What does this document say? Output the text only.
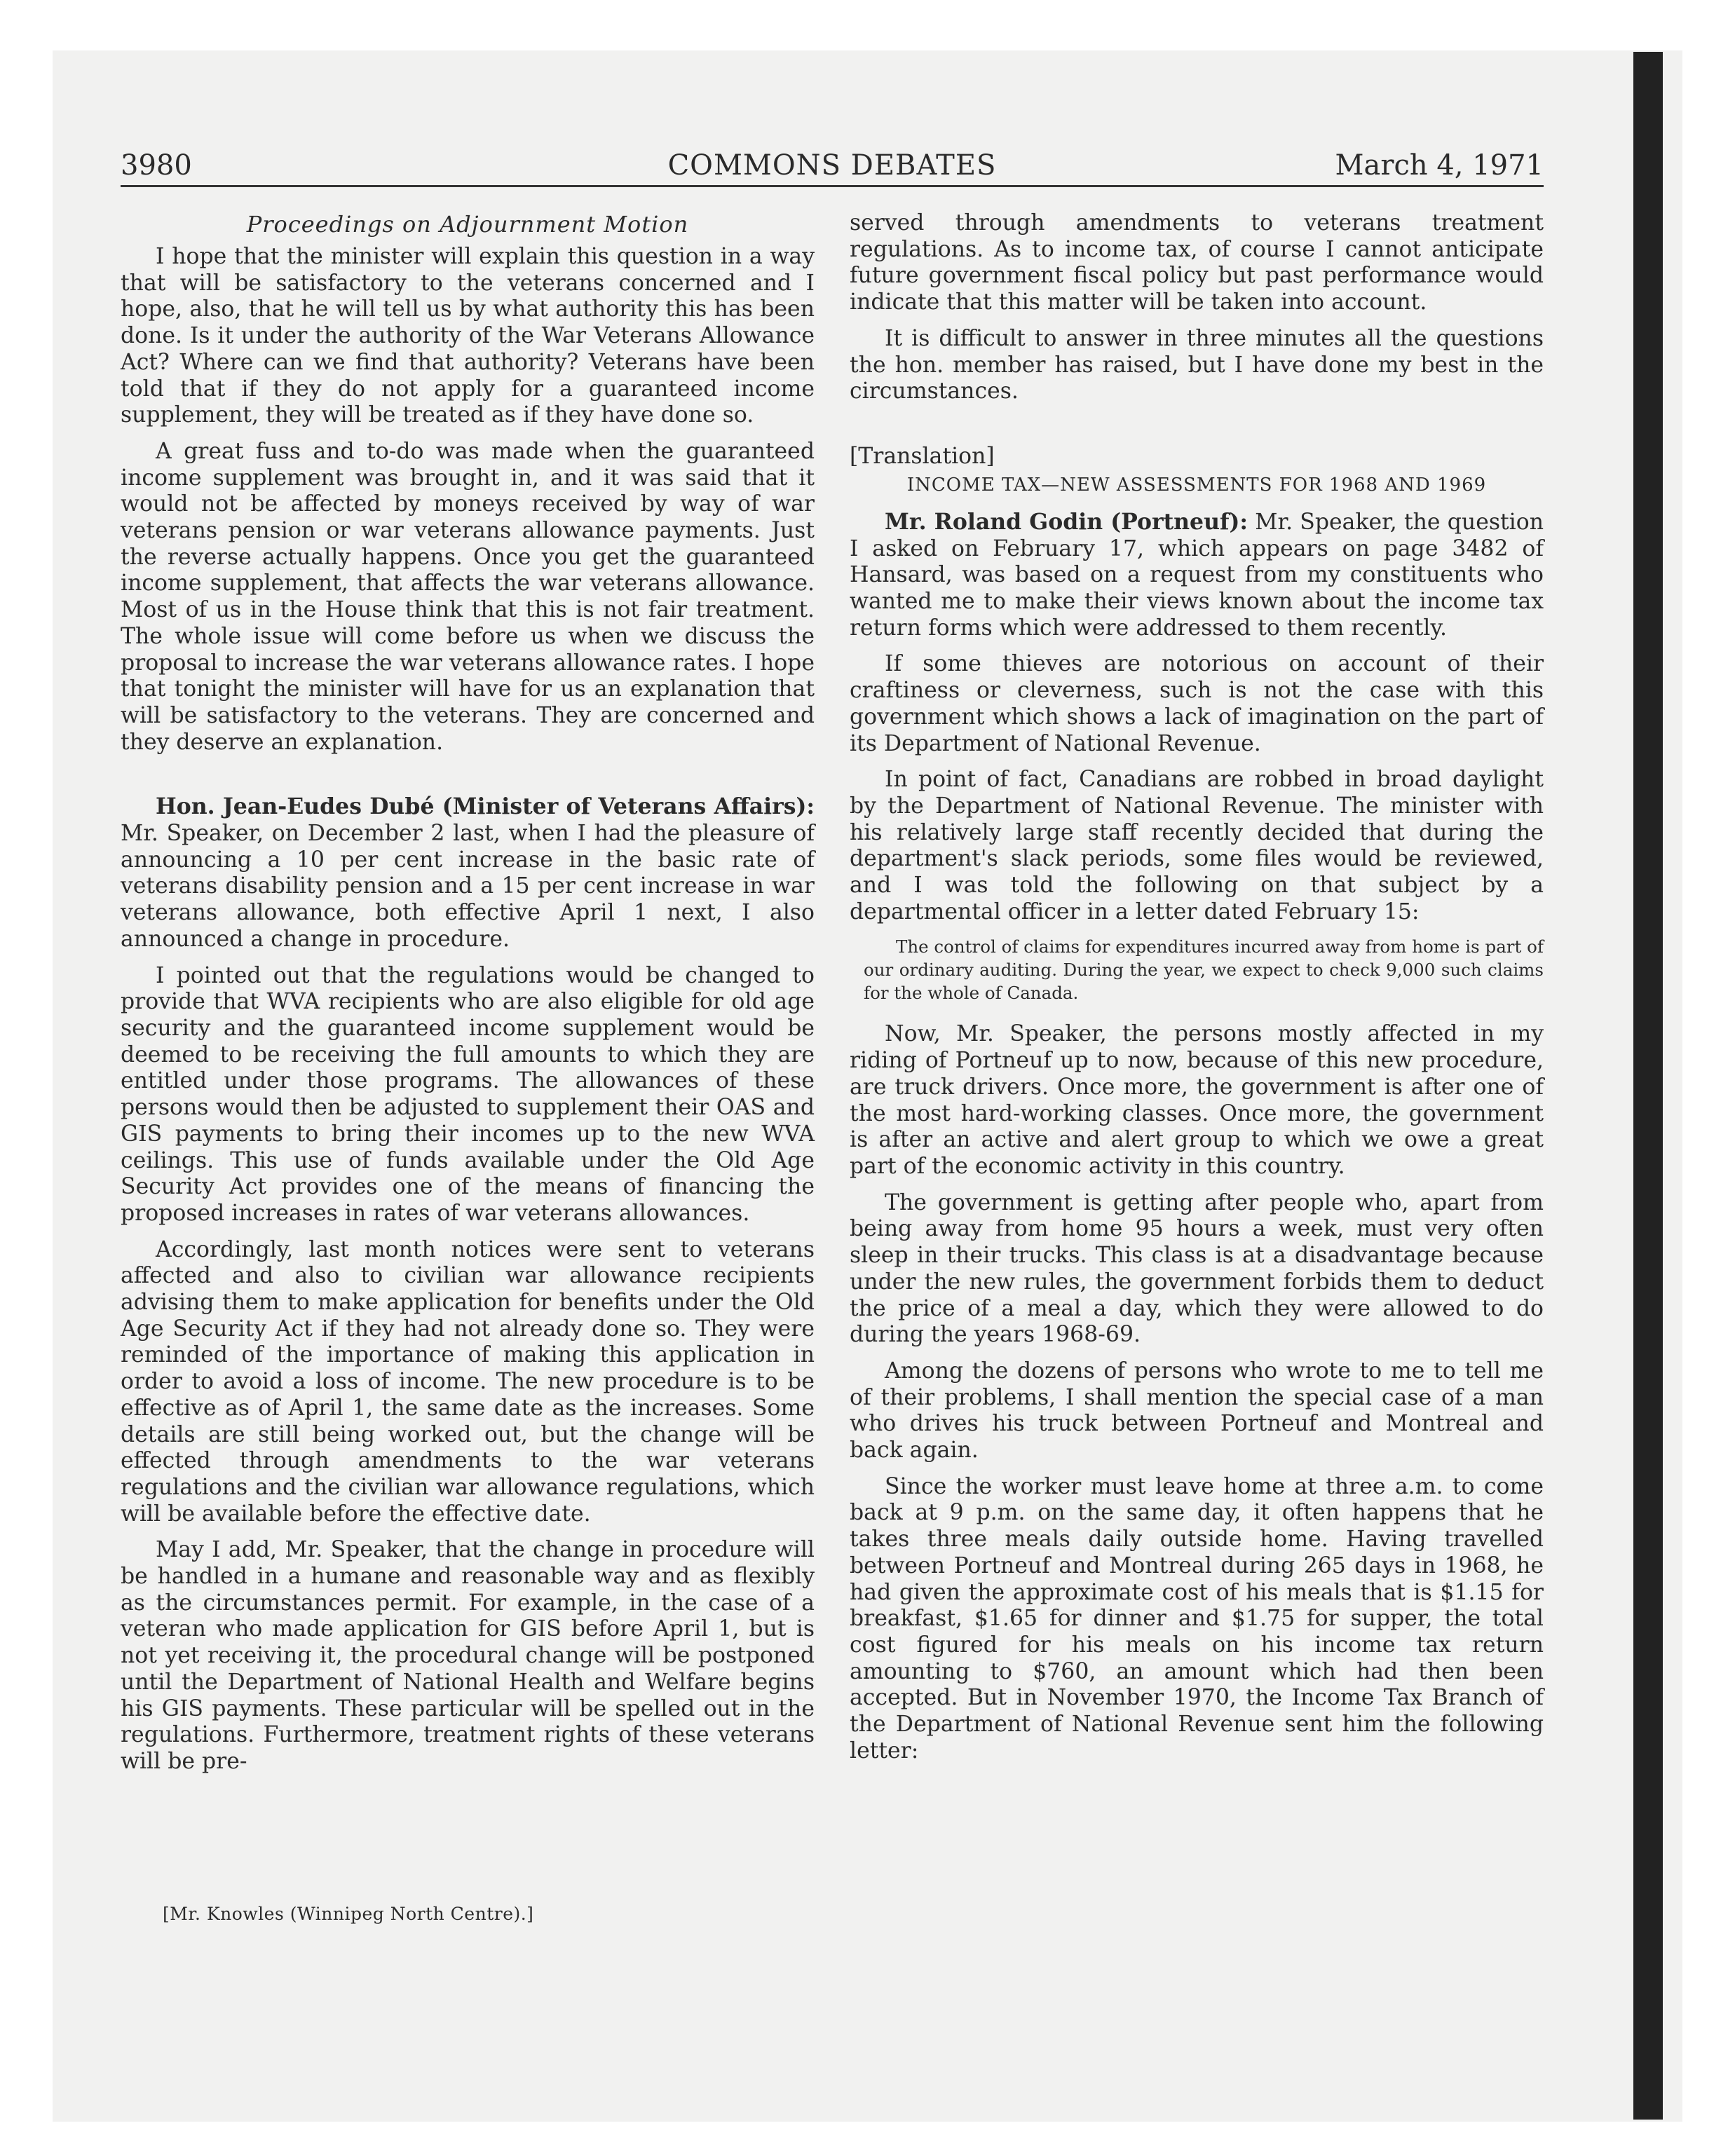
3980	COMMONS DEBATES	March 4, 1971
Proceedings on Adjournment Motion

I hope that the minister will explain this question in a way that will be satisfactory to the veterans concerned and I hope, also, that he will tell us by what authority this has been done. Is it under the authority of the War Veterans Allowance Act? Where can we find that authority? Veterans have been told that if they do not apply for a guaranteed income supplement, they will be treated as if they have done so.

A great fuss and to-do was made when the guaranteed income supplement was brought in, and it was said that it would not be affected by moneys received by way of war veterans pension or war veterans allowance payments. Just the reverse actually happens. Once you get the guaranteed income supplement, that affects the war veterans allowance. Most of us in the House think that this is not fair treatment. The whole issue will come before us when we discuss the proposal to increase the war veterans allowance rates. I hope that tonight the minister will have for us an explanation that will be satisfactory to the veterans. They are concerned and they deserve an explanation.

Hon. Jean-Eudes Dubé (Minister of Veterans Affairs): Mr. Speaker, on December 2 last, when I had the pleasure of announcing a 10 per cent increase in the basic rate of veterans disability pension and a 15 per cent increase in war veterans allowance, both effective April 1 next, I also announced a change in procedure.

I pointed out that the regulations would be changed to provide that WVA recipients who are also eligible for old age security and the guaranteed income supplement would be deemed to be receiving the full amounts to which they are entitled under those programs. The allowances of these persons would then be adjusted to supplement their OAS and GIS payments to bring their incomes up to the new WVA ceilings. This use of funds available under the Old Age Security Act provides one of the means of financing the proposed increases in rates of war veterans allowances.

Accordingly, last month notices were sent to veterans affected and also to civilian war allowance recipients advising them to make application for benefits under the Old Age Security Act if they had not already done so. They were reminded of the importance of making this application in order to avoid a loss of income. The new procedure is to be effective as of April 1, the same date as the increases. Some details are still being worked out, but the change will be effected through amendments to the war veterans regulations and the civilian war allowance regulations, which will be available before the effective date.

May I add, Mr. Speaker, that the change in procedure will be handled in a humane and reasonable way and as flexibly as the circumstances permit. For example, in the case of a veteran who made application for GIS before April 1, but is not yet receiving it, the procedural change will be postponed until the Department of National Health and Welfare begins his GIS payments. These particular will be spelled out in the regulations. Furthermore, treatment rights of these veterans will be pre-

served through amendments to veterans treatment regulations. As to income tax, of course I cannot anticipate future government fiscal policy but past performance would indicate that this matter will be taken into account.

It is difficult to answer in three minutes all the questions the hon. member has raised, but I have done my best in the circumstances.

[Translation]
INCOME TAX—NEW ASSESSMENTS FOR 1968 AND 1969

Mr. Roland Godin (Portneuf): Mr. Speaker, the question I asked on February 17, which appears on page 3482 of Hansard, was based on a request from my constituents who wanted me to make their views known about the income tax return forms which were addressed to them recently.

If some thieves are notorious on account of their craftiness or cleverness, such is not the case with this government which shows a lack of imagination on the part of its Department of National Revenue.

In point of fact, Canadians are robbed in broad daylight by the Department of National Revenue. The minister with his relatively large staff recently decided that during the department's slack periods, some files would be reviewed, and I was told the following on that subject by a departmental officer in a letter dated February 15:

The control of claims for expenditures incurred away from home is part of our ordinary auditing. During the year, we expect to check 9,000 such claims for the whole of Canada.

Now, Mr. Speaker, the persons mostly affected in my riding of Portneuf up to now, because of this new procedure, are truck drivers. Once more, the government is after one of the most hard-working classes. Once more, the government is after an active and alert group to which we owe a great part of the economic activity in this country.

The government is getting after people who, apart from being away from home 95 hours a week, must very often sleep in their trucks. This class is at a disadvantage because under the new rules, the government forbids them to deduct the price of a meal a day, which they were allowed to do during the years 1968-69.

Among the dozens of persons who wrote to me to tell me of their problems, I shall mention the special case of a man who drives his truck between Portneuf and Montreal and back again.

Since the worker must leave home at three a.m. to come back at 9 p.m. on the same day, it often happens that he takes three meals daily outside home. Having travelled between Portneuf and Montreal during 265 days in 1968, he had given the approximate cost of his meals that is $1.15 for breakfast, $1.65 for dinner and $1.75 for supper, the total cost figured for his meals on his income tax return amounting to $760, an amount which had then been accepted. But in November 1970, the Income Tax Branch of the Department of National Revenue sent him the following letter:

[Mr. Knowles (Winnipeg North Centre).]
